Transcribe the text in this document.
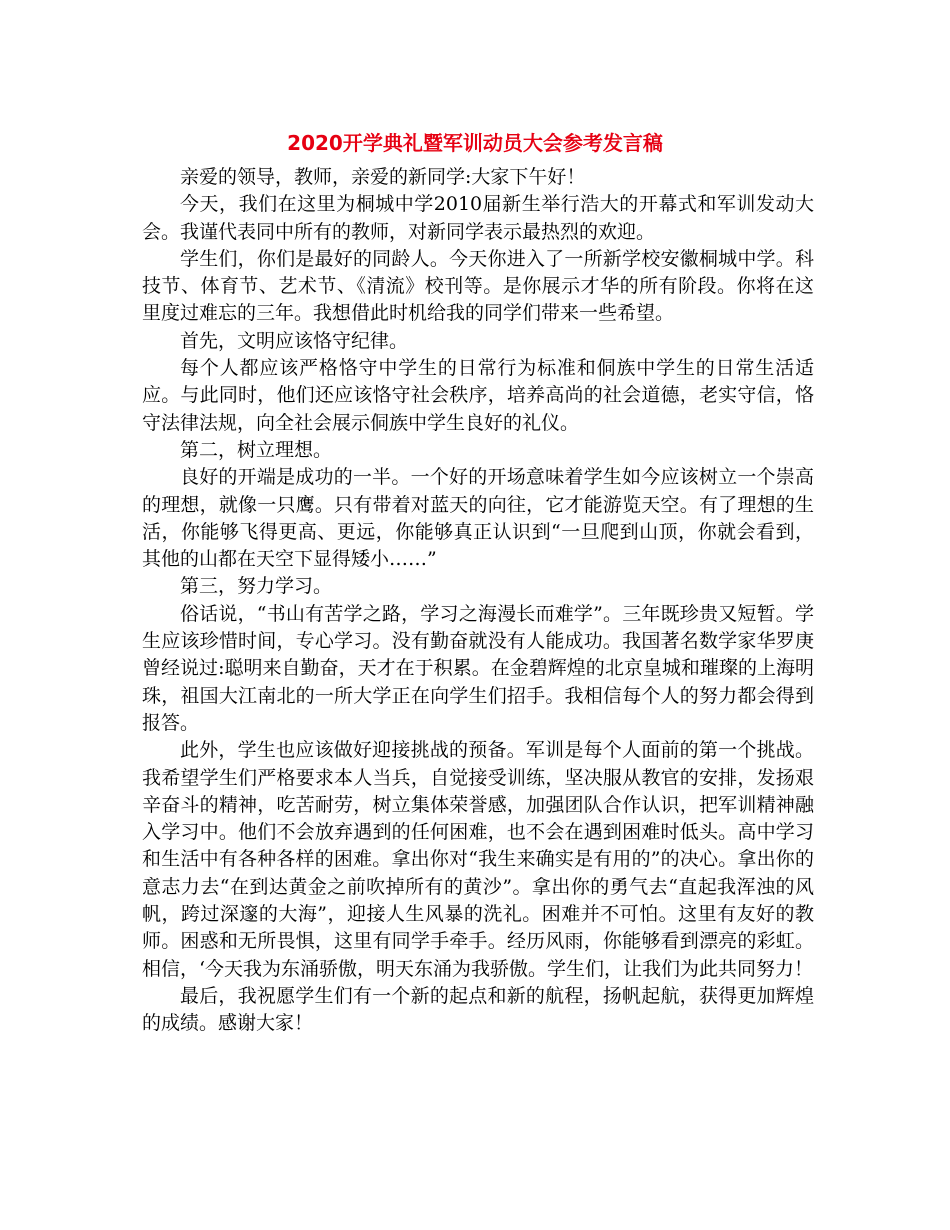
2020开学典礼暨军训动员大会参考发言稿

亲爱的领导，教师，亲爱的新同学:大家下午好！

今天，我们在这里为桐城中学2010届新生举行浩大的开幕式和军训发动大会。我谨代表同中所有的教师，对新同学表示最热烈的欢迎。

学生们，你们是最好的同龄人。今天你进入了一所新学校安徽桐城中学。科技节、体育节、艺术节、《清流》校刊等。是你展示才华的所有阶段。你将在这里度过难忘的三年。我想借此时机给我的同学们带来一些希望。

首先，文明应该恪守纪律。

每个人都应该严格恪守中学生的日常行为标准和侗族中学生的日常生活适应。与此同时，他们还应该恪守社会秩序，培养高尚的社会道德，老实守信，恪守法律法规，向全社会展示侗族中学生良好的礼仪。

第二，树立理想。

良好的开端是成功的一半。一个好的开场意味着学生如今应该树立一个崇高的理想，就像一只鹰。只有带着对蓝天的向往，它才能游览天空。有了理想的生活，你能够飞得更高、更远，你能够真正认识到“一旦爬到山顶，你就会看到，其他的山都在天空下显得矮小……”

第三，努力学习。

俗话说，“书山有苦学之路，学习之海漫长而难学”。三年既珍贵又短暂。学生应该珍惜时间，专心学习。没有勤奋就没有人能成功。我国著名数学家华罗庚曾经说过:聪明来自勤奋，天才在于积累。在金碧辉煌的北京皇城和璀璨的上海明珠，祖国大江南北的一所大学正在向学生们招手。我相信每个人的努力都会得到报答。

此外，学生也应该做好迎接挑战的预备。军训是每个人面前的第一个挑战。我希望学生们严格要求本人当兵，自觉接受训练，坚决服从教官的安排，发扬艰辛奋斗的精神，吃苦耐劳，树立集体荣誉感，加强团队合作认识，把军训精神融入学习中。他们不会放弃遇到的任何困难，也不会在遇到困难时低头。高中学习和生活中有各种各样的困难。拿出你对“我生来确实是有用的”的决心。拿出你的意志力去“在到达黄金之前吹掉所有的黄沙”。拿出你的勇气去“直起我浑浊的风帆，跨过深邃的大海”，迎接人生风暴的洗礼。困难并不可怕。这里有友好的教师。困惑和无所畏惧，这里有同学手牵手。经历风雨，你能够看到漂亮的彩虹。相信，‘今天我为东涌骄傲，明天东涌为我骄傲。学生们，让我们为此共同努力！

最后，我祝愿学生们有一个新的起点和新的航程，扬帆起航，获得更加辉煌的成绩。感谢大家！
